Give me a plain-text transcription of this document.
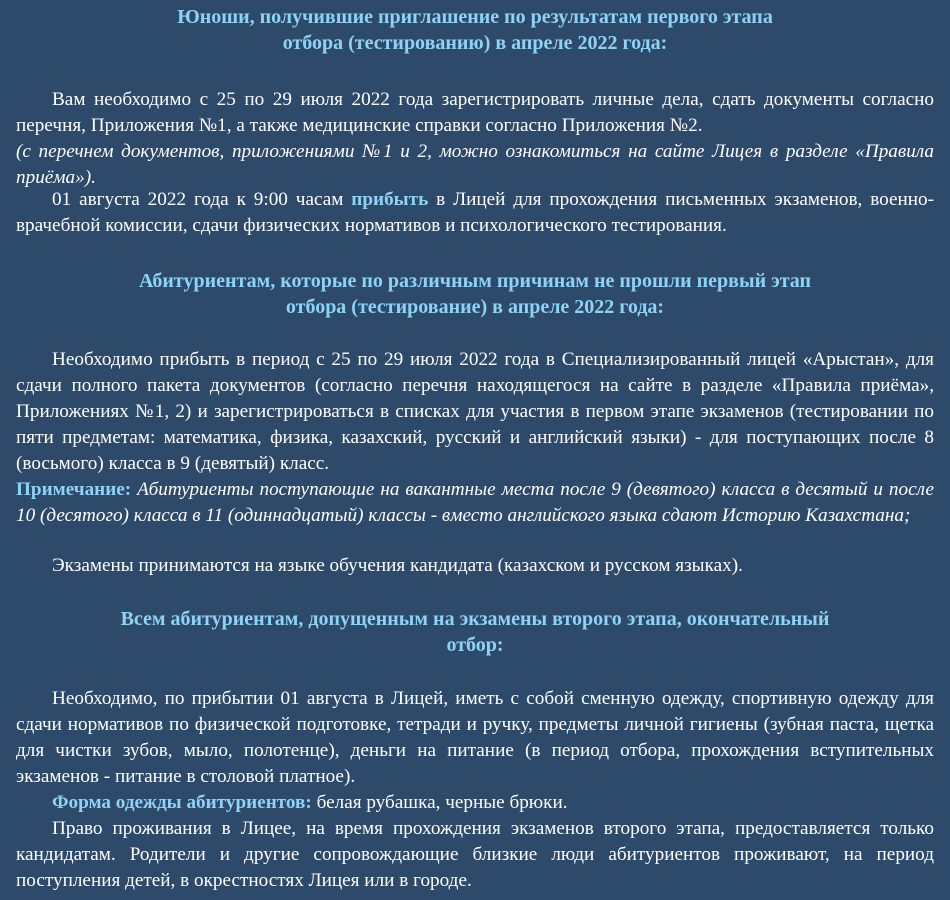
Юноши, получившие приглашение по результатам первого этапа
отбора (тестированию) в апреле 2022 года:

Вам необходимо с 25 по 29 июля 2022 года зарегистрировать личные дела, сдать документы согласно перечня, Приложения №1, а также медицинские справки согласно Приложения №2.
(с перечнем документов, приложениями №1 и 2, можно ознакомиться на сайте Лицея в разделе «Правила приёма»).

01 августа 2022 года к 9:00 часам прибыть в Лицей для прохождения письменных экзаменов, военно-врачебной комиссии, сдачи физических нормативов и психологического тестирования.

Абитуриентам, которые по различным причинам не прошли первый этап
отбора (тестирование) в апреле 2022 года:

Необходимо прибыть в период с 25 по 29 июля 2022 года в Специализированный лицей «Арыстан», для сдачи полного пакета документов (согласно перечня находящегося на сайте в разделе «Правила приёма», Приложениях №1, 2) и зарегистрироваться в списках для участия в первом этапе экзаменов (тестировании по пяти предметам: математика, физика, казахский, русский и английский языки) - для поступающих после 8 (восьмого) класса в 9 (девятый) класс.

Примечание: Абитуриенты поступающие на вакантные места после 9 (девятого) класса в десятый и после 10 (десятого) класса в 11 (одиннадцатый) классы - вместо английского языка сдают Историю Казахстана;

Экзамены принимаются на языке обучения кандидата (казахском и русском языках).

Всем абитуриентам, допущенным на экзамены второго этапа, окончательный
отбор:

Необходимо, по прибытии 01 августа в Лицей, иметь с собой сменную одежду, спортивную одежду для сдачи нормативов по физической подготовке, тетради и ручку, предметы личной гигиены (зубная паста, щетка для чистки зубов, мыло, полотенце), деньги на питание (в период отбора, прохождения вступительных экзаменов - питание в столовой платное).

Форма одежды абитуриентов: белая рубашка, черные брюки.

Право проживания в Лицее, на время прохождения экзаменов второго этапа, предоставляется только кандидатам. Родители и другие сопровождающие близкие люди абитуриентов проживают, на период поступления детей, в окрестностях Лицея или в городе.
